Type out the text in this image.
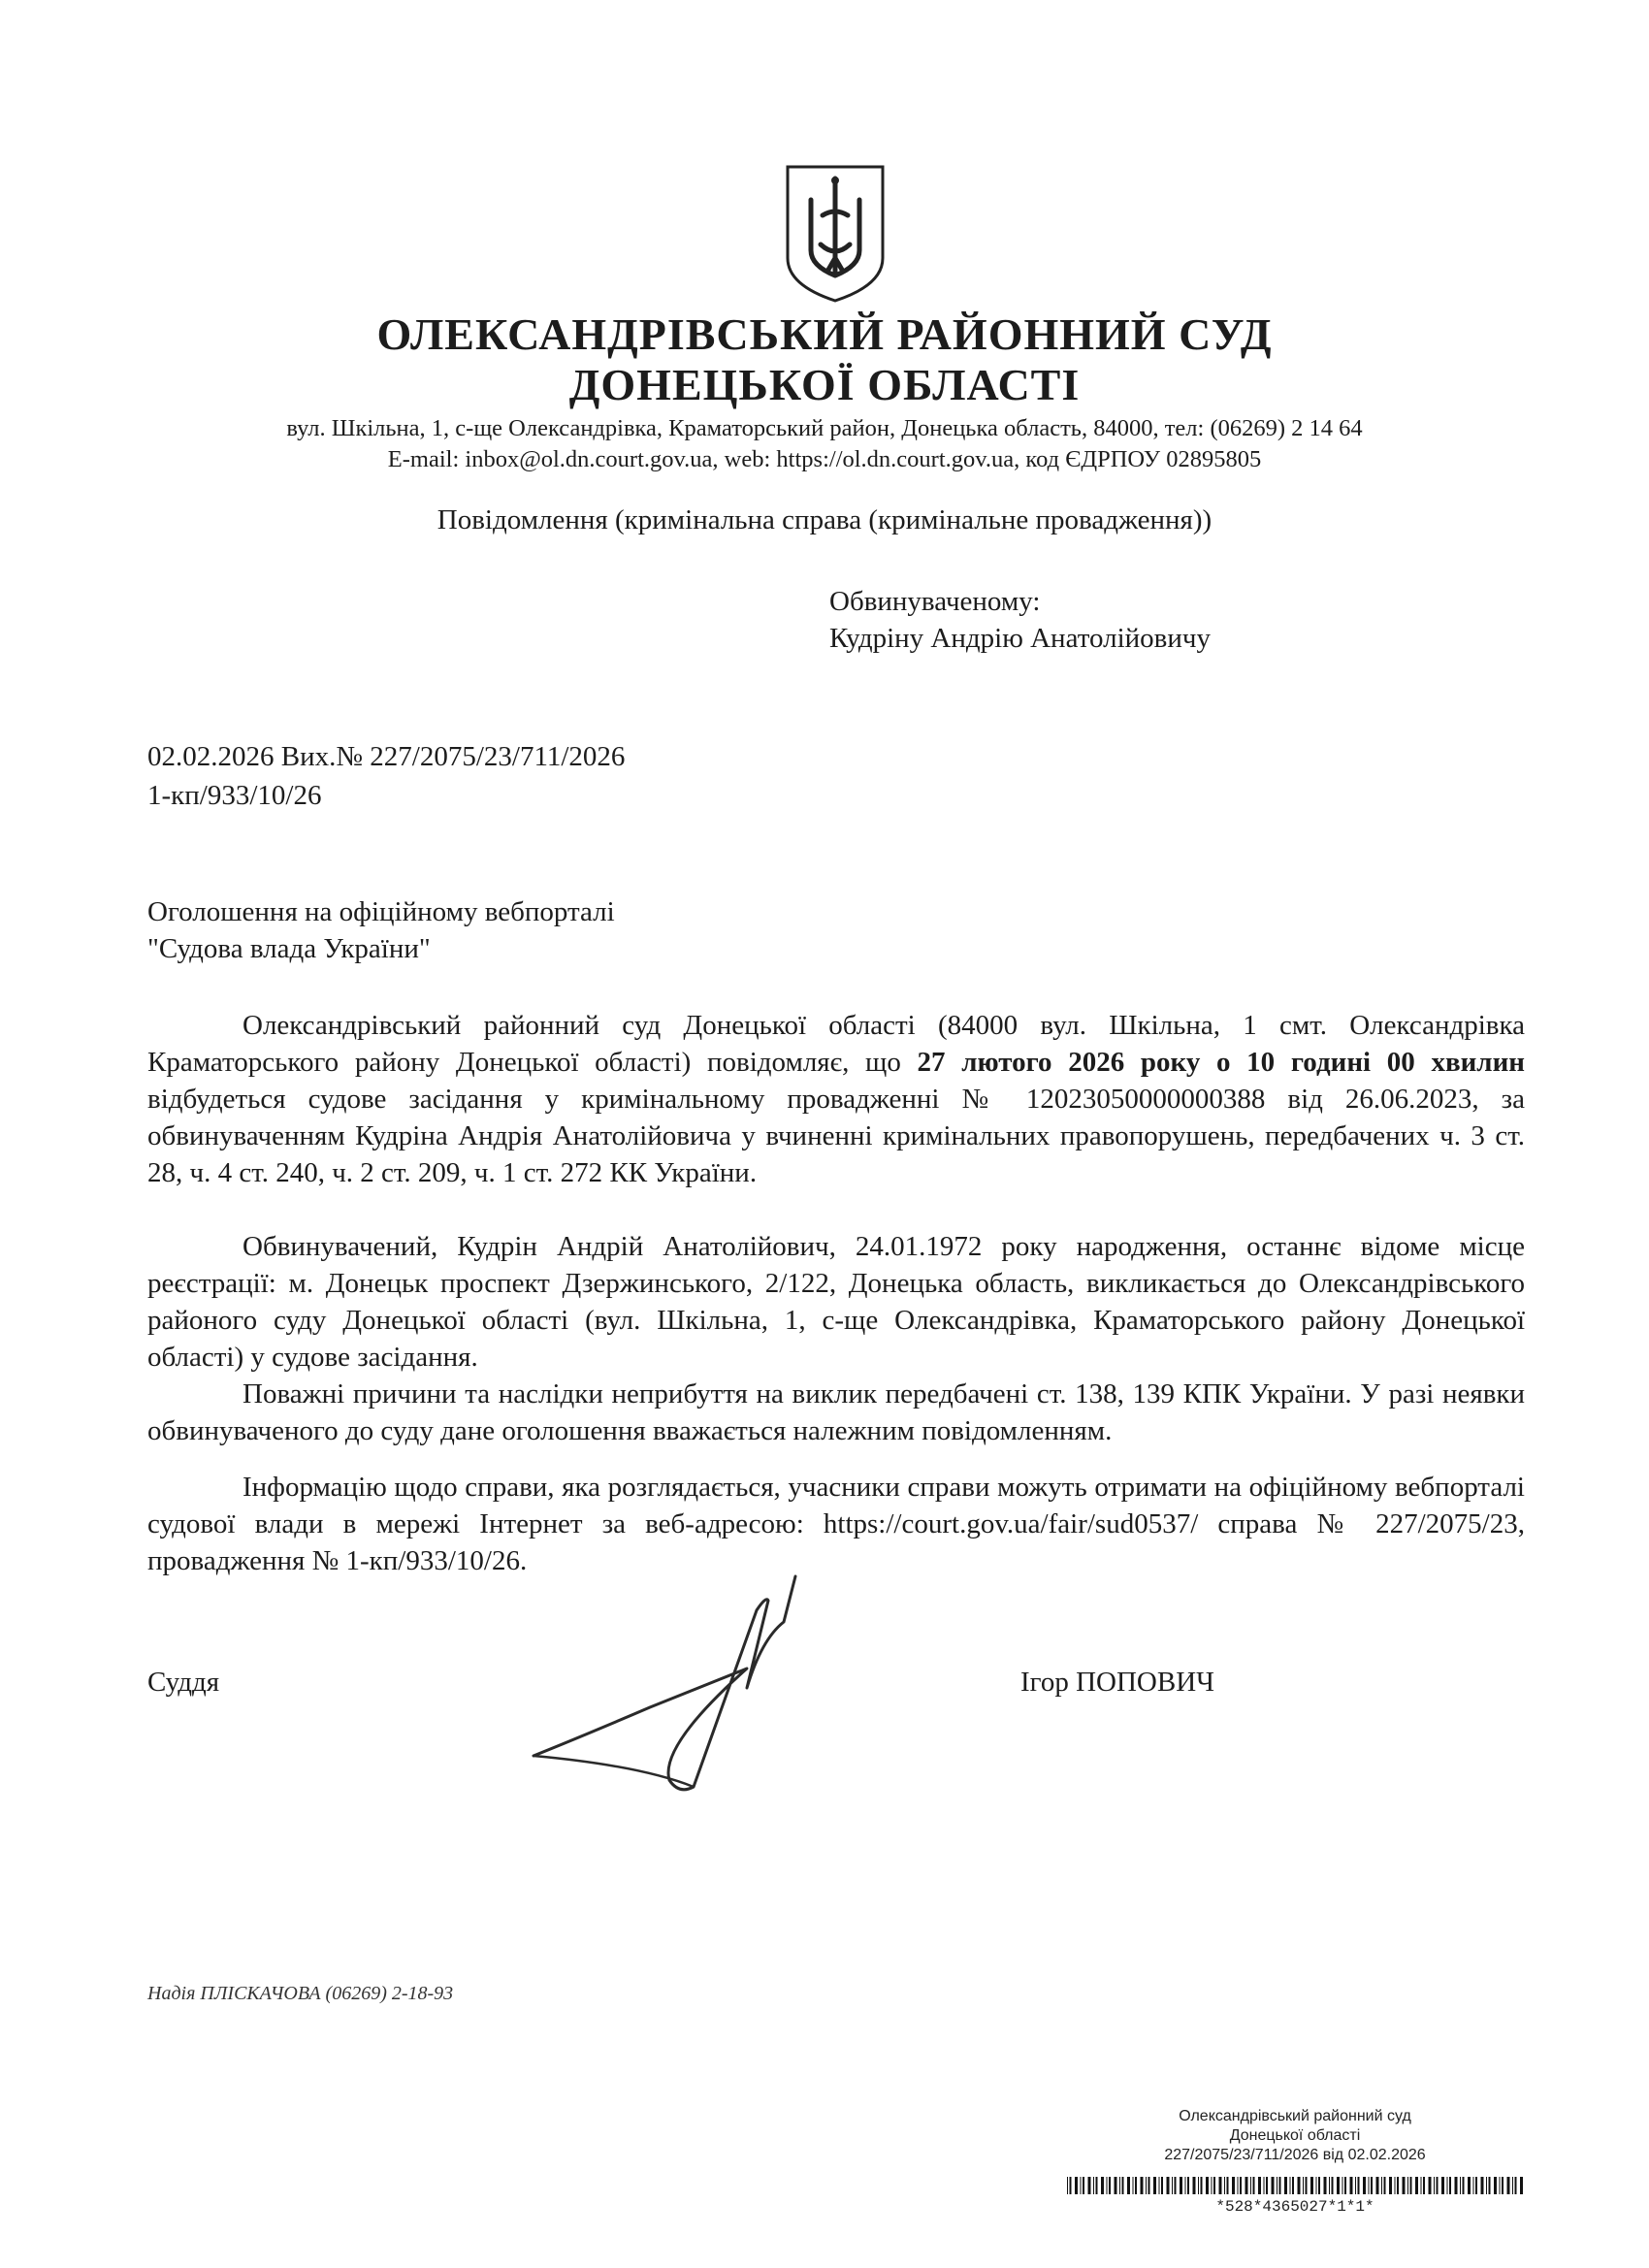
ОЛЕКСАНДРІВСЬКИЙ РАЙОННИЙ СУД
ДОНЕЦЬКОЇ ОБЛАСТІ
вул. Шкільна, 1, с-ще Олександрівка, Краматорський район, Донецька область, 84000, тел: (06269) 2 14 64
E-mail: inbox@ol.dn.court.gov.ua, web: https://ol.dn.court.gov.ua, код ЄДРПОУ 02895805
Повідомлення (кримінальна справа (кримінальне провадження))
Обвинуваченому:
Кудріну Андрію Анатолійовичу
02.02.2026 Вих.№ 227/2075/23/711/2026
1-кп/933/10/26
Оголошення на офіційному вебпорталі
"Судова влада України"

Олександрівський районний суд Донецької області (84000 вул. Шкільна, 1 смт. Олександрівка Краматорського району Донецької області) повідомляє, що 27 лютого 2026 року о 10 годині 00 хвилин відбудеться судове засідання у кримінальному провадженні № 12023050000000388 від 26.06.2023, за обвинуваченням Кудріна Андрія Анатолійовича у вчиненні кримінальних правопорушень, передбачених ч. 3 ст. 28, ч. 4 ст. 240, ч. 2 ст. 209, ч. 1 ст. 272 КК України.

Обвинувачений, Кудрін Андрій Анатолійович, 24.01.1972 року народження, останнє відоме місце реєстрації: м. Донецьк проспект Дзержинського, 2/122, Донецька область, викликається до Олександрівського районого суду Донецької області (вул. Шкільна, 1, с-ще Олександрівка, Краматорського району Донецької області) у судове засідання.

Поважні причини та наслідки неприбуття на виклик передбачені ст. 138, 139 КПК України. У разі неявки обвинуваченого до суду дане оголошення вважається належним повідомленням.

Інформацію щодо справи, яка розглядається, учасники справи можуть отримати на офіційному вебпорталі судової влади в мережі Інтернет за веб-адресою: https://court.gov.ua/fair/sud0537/ справа № 227/2075/23, провадження № 1-кп/933/10/26.

Суддя	Ігор ПОПОВИЧ
Надія ПЛІСКАЧОВА (06269) 2-18-93
Олександрівський районний суд
Донецької області
227/2075/23/711/2026 від 02.02.2026
*528*4365027*1*1*
